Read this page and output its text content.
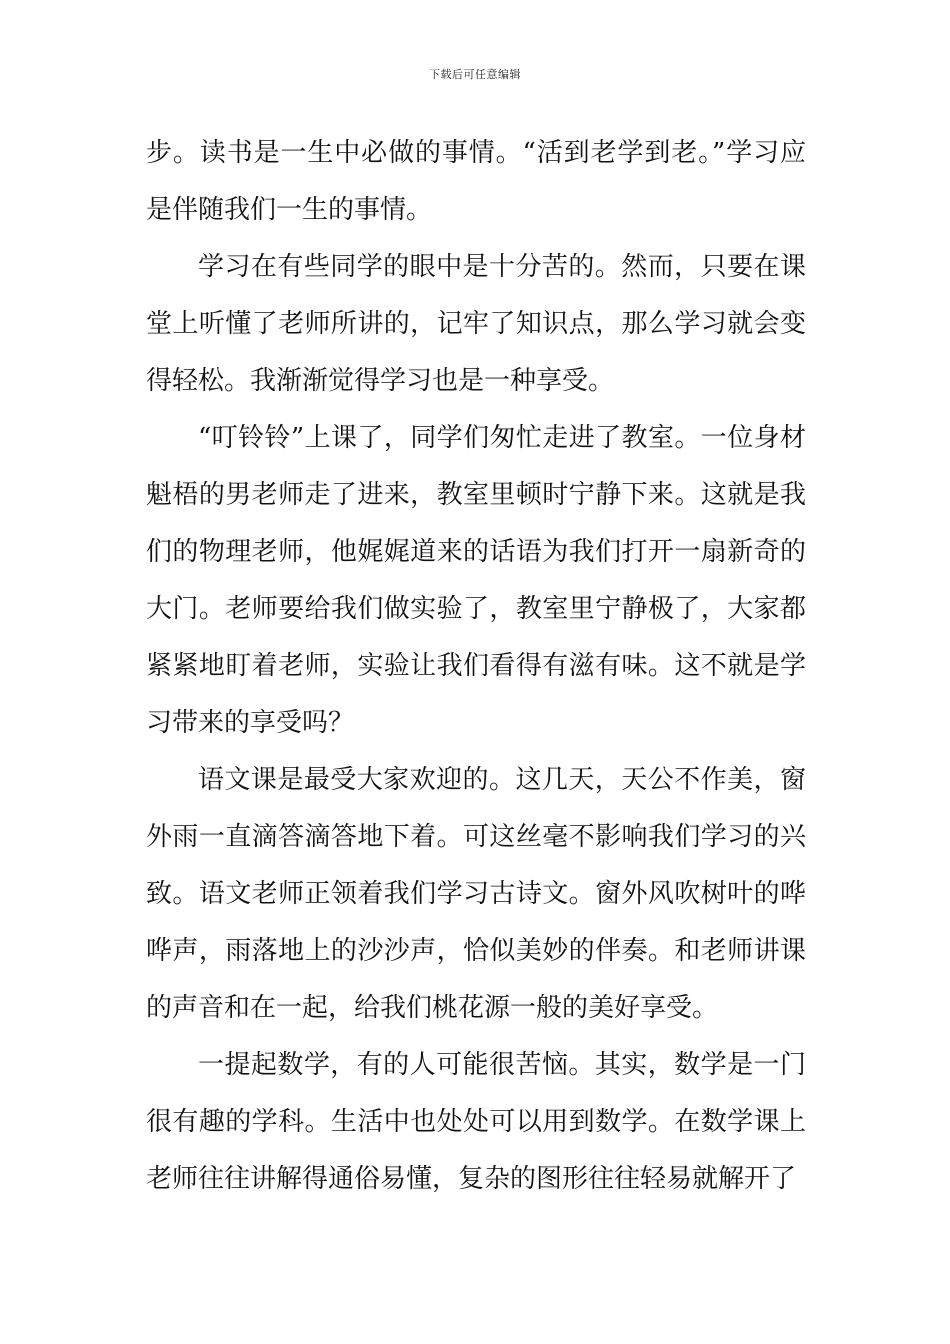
下载后可任意编辑

步。读书是一生中必做的事情。“活到老学到老。”学习应是伴随我们一生的事情。

学习在有些同学的眼中是十分苦的。然而，只要在课堂上听懂了老师所讲的，记牢了知识点，那么学习就会变得轻松。我渐渐觉得学习也是一种享受。

“叮铃铃”上课了，同学们匆忙走进了教室。一位身材魁梧的男老师走了进来，教室里顿时宁静下来。这就是我们的物理老师，他娓娓道来的话语为我们打开一扇新奇的大门。老师要给我们做实验了，教室里宁静极了，大家都紧紧地盯着老师，实验让我们看得有滋有味。这不就是学习带来的享受吗？

语文课是最受大家欢迎的。这几天，天公不作美，窗外雨一直滴答滴答地下着。可这丝毫不影响我们学习的兴致。语文老师正领着我们学习古诗文。窗外风吹树叶的哗哗声，雨落地上的沙沙声，恰似美妙的伴奏。和老师讲课的声音和在一起，给我们桃花源一般的美好享受。

一提起数学，有的人可能很苦恼。其实，数学是一门很有趣的学科。生活中也处处可以用到数学。在数学课上老师往往讲解得通俗易懂，复杂的图形往往轻易就解开了
